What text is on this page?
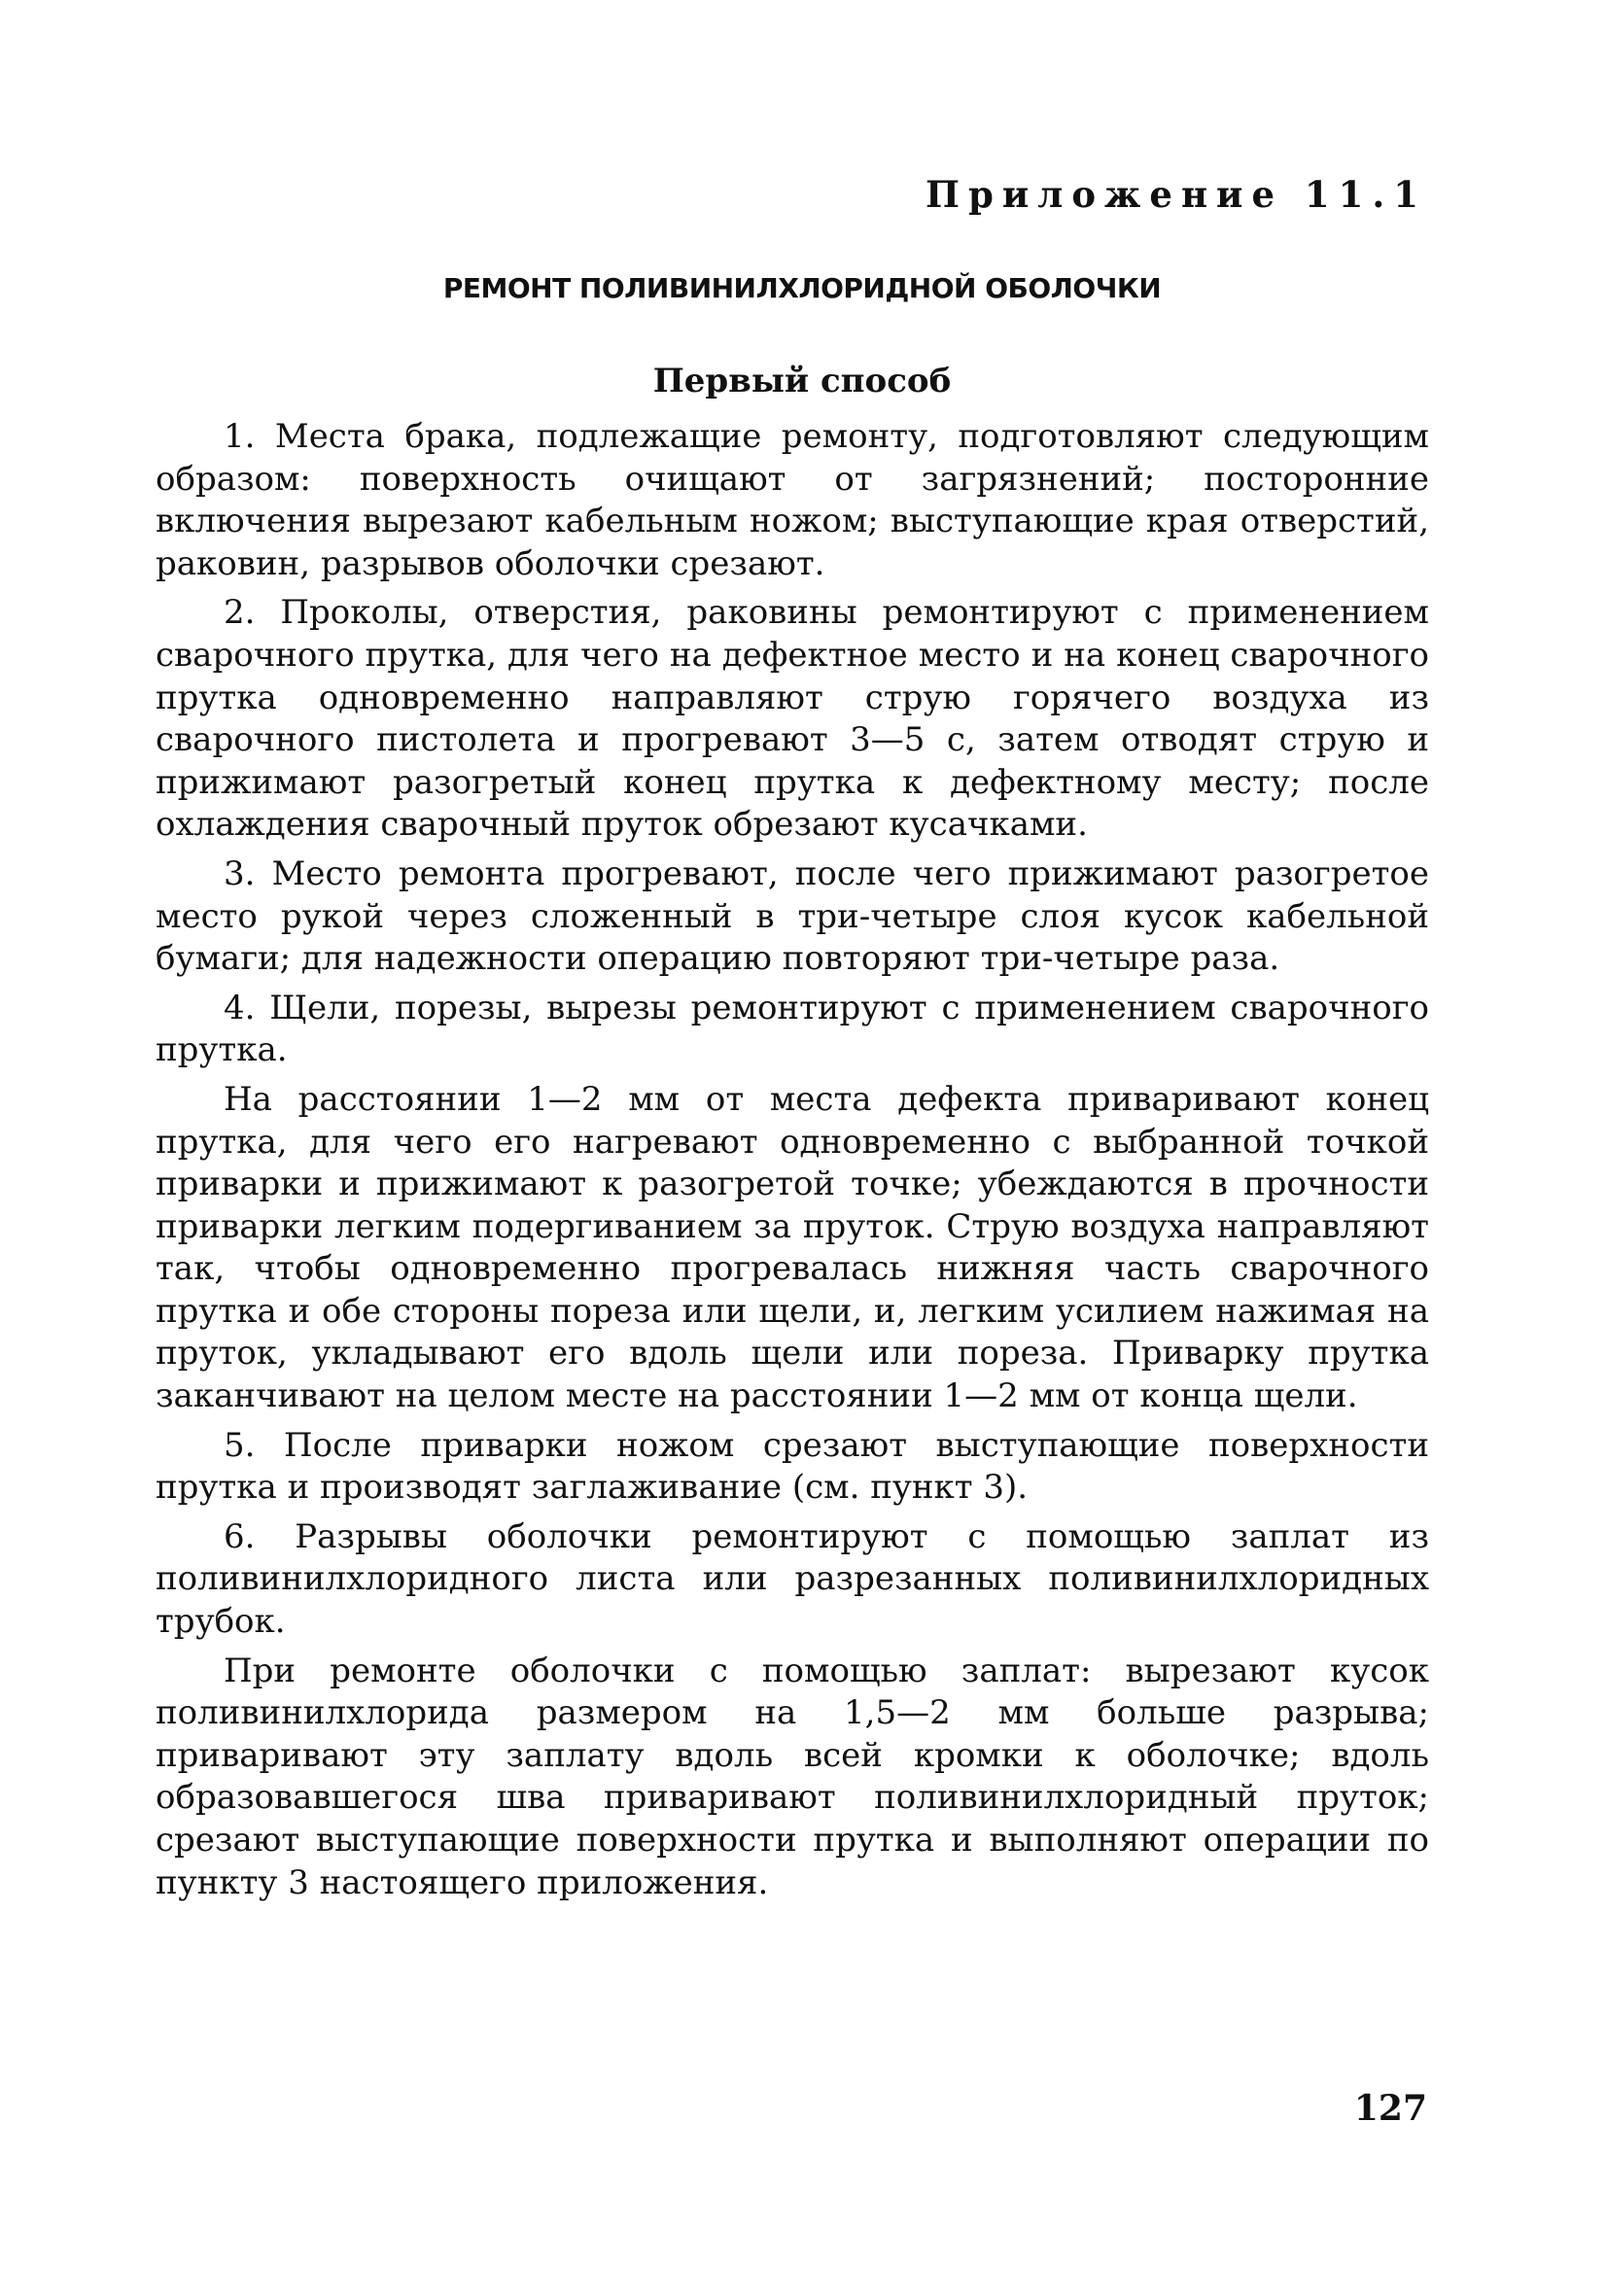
Приложение 11.1

РЕМОНТ ПОЛИВИНИЛХЛОРИДНОЙ ОБОЛОЧКИ
Первый способ

1. Места брака, подлежащие ремонту, подготовляют следующим образом: поверхность очищают от загрязнений; посторонние включения вырезают кабельным ножом; выступающие края отверстий, раковин, разрывов оболочки срезают.

2. Проколы, отверстия, раковины ремонтируют с применением сварочного прутка, для чего на дефектное место и на конец сварочного прутка одновременно направляют струю горячего воздуха из сварочного пистолета и прогревают 3—5 с, затем отводят струю и прижимают разогретый конец прутка к дефектному месту; после охлаждения сварочный пруток обрезают кусачками.

3. Место ремонта прогревают, после чего прижимают разогретое место рукой через сложенный в три-четыре слоя кусок кабельной бумаги; для надежности операцию повторяют три-четыре раза.

4. Щели, порезы, вырезы ремонтируют с применением сварочного прутка.

На расстоянии 1—2 мм от места дефекта приваривают конец прутка, для чего его нагревают одновременно с выбранной точкой приварки и прижимают к разогретой точке; убеждаются в прочности приварки легким подергиванием за пруток. Струю воздуха направляют так, чтобы одновременно прогревалась нижняя часть сварочного прутка и обе стороны пореза или щели, и, легким усилием нажимая на пруток, укладывают его вдоль щели или пореза. Приварку прутка заканчивают на целом месте на расстоянии 1—2 мм от конца щели.

5. После приварки ножом срезают выступающие поверхности прутка и производят заглаживание (см. пункт 3).

6. Разрывы оболочки ремонтируют с помощью заплат из поливинилхлоридного листа или разрезанных поливинилхлоридных трубок.

При ремонте оболочки с помощью заплат: вырезают кусок поливинилхлорида размером на 1,5—2 мм больше разрыва; приваривают эту заплату вдоль всей кромки к оболочке; вдоль образовавшегося шва приваривают поливинилхлоридный пруток; срезают выступающие поверхности прутка и выполняют операции по пункту 3 настоящего приложения.

127
